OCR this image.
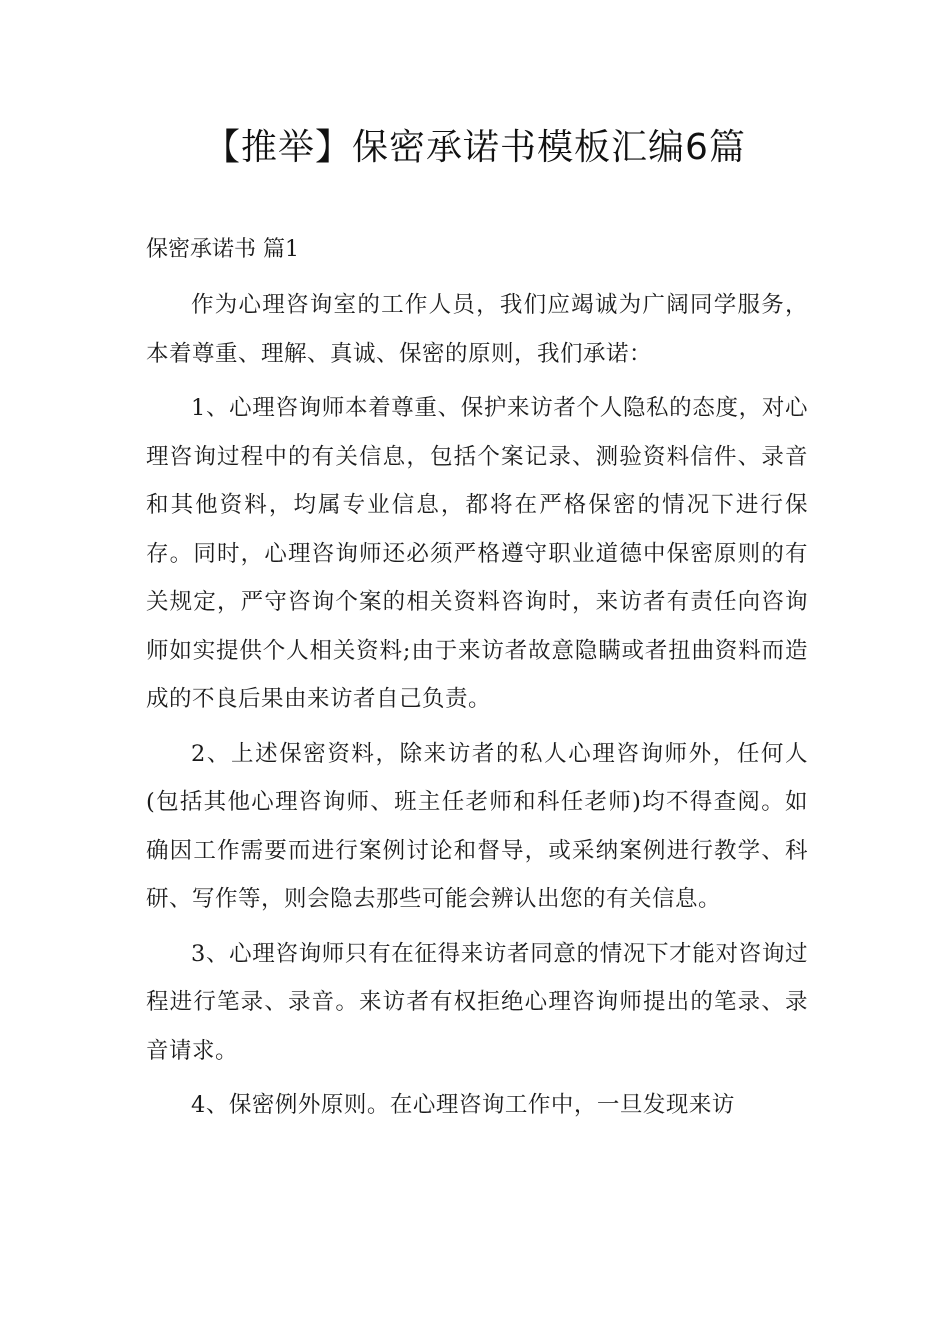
【推举】保密承诺书模板汇编6篇
保密承诺书 篇1

作为心理咨询室的工作人员，我们应竭诚为广阔同学服务，本着尊重、理解、真诚、保密的原则，我们承诺：

1、心理咨询师本着尊重、保护来访者个人隐私的态度，对心理咨询过程中的有关信息，包括个案记录、测验资料信件、录音和其他资料，均属专业信息，都将在严格保密的情况下进行保存。同时，心理咨询师还必须严格遵守职业道德中保密原则的有关规定，严守咨询个案的相关资料咨询时，来访者有责任向咨询师如实提供个人相关资料;由于来访者故意隐瞒或者扭曲资料而造成的不良后果由来访者自己负责。

2、上述保密资料，除来访者的私人心理咨询师外，任何人(包括其他心理咨询师、班主任老师和科任老师)均不得查阅。如确因工作需要而进行案例讨论和督导，或采纳案例进行教学、科研、写作等，则会隐去那些可能会辨认出您的有关信息。

3、心理咨询师只有在征得来访者同意的情况下才能对咨询过程进行笔录、录音。来访者有权拒绝心理咨询师提出的笔录、录音请求。

4、保密例外原则。在心理咨询工作中，一旦发现来访
